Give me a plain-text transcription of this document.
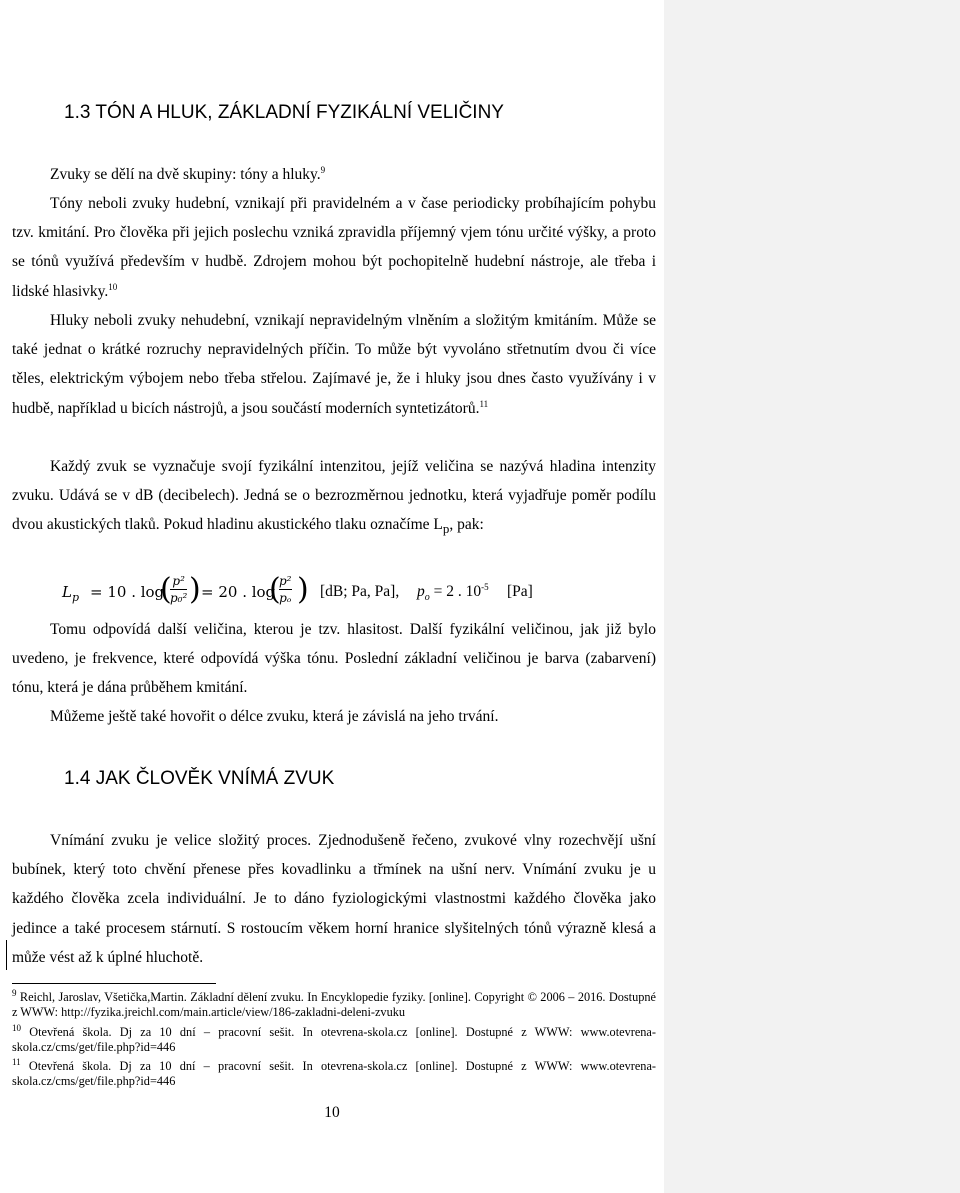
1.3 TÓN A HLUK, ZÁKLADNÍ FYZIKÁLNÍ VELIČINY

Zvuky se dělí na dvě skupiny: tóny a hluky.$^9$

Tóny neboli zvuky hudební, vznikají při pravidelném a v čase periodicky probíhajícím pohybu tzv. kmitání. Pro člověka při jejich poslechu vzniká zpravidla příjemný vjem tónu určité výšky, a proto se tónů využívá především v hudbě. Zdrojem mohou být pochopitelně hudební nástroje, ale třeba i lidské hlasivky.$^{10}$

Hluky neboli zvuky nehudební, vznikají nepravidelným vlněním a složitým kmitáním. Může se také jednat o krátké rozruchy nepravidelných příčin. To může být vyvoláno střetnutím dvou či více těles, elektrickým výbojem nebo třeba střelou. Zajímavé je, že i hluky jsou dnes často využívány i v hudbě, například u bicích nástrojů, a jsou součástí moderních syntetizátorů.$^{11}$

Každý zvuk se vyznačuje svojí fyzikální intenzitou, jejíž veličina se nazývá hladina intenzity zvuku. Udává se v dB (decibelech). Jedná se o bezrozměrnou jednotku, která vyjadřuje poměr podílu dvou akustických tlaků. Pokud hladinu akustického tlaku označíme $L_p$, pak:

$L_p = 10$ . log
(
$\frac{\text{p²}}{\text{p₀²}}$ ) = 20 . log
(
$\frac{\text{p²}}{\text{pₒ}}$ ) [dB; Pa, Pa], $p_o = 2$ . $10^{-5}$ [Pa]

Tomu odpovídá další veličina, kterou je tzv. hlasitost. Další fyzikální veličinou, jak již bylo uvedeno, je frekvence, které odpovídá výška tónu. Poslední základní veličinou je barva (zabarvení) tónu, která je dána průběhem kmitání.

Můžeme ještě také hovořit o délce zvuku, která je závislá na jeho trvání.

1.4 JAK ČLOVĚK VNÍMÁ ZVUK

Vnímání zvuku je velice složitý proces. Zjednodušeně řečeno, zvukové vlny rozechvějí ušní bubínek, který toto chvění přenese přes kovadlinku a třmínek na ušní nerv. Vnímání zvuku je u každého člověka zcela individuální. Je to dáno fyziologickými vlastnostmi každého člověka jako jedince a také procesem stárnutí. S rostoucím věkem horní hranice slyšitelných tónů výrazně klesá a může vést až k úplné hluchotě.

$^9$ Reichl, Jaroslav, Všetička,Martin. Základní dělení zvuku. In Encyklopedie fyziky. [online]. Copyright © 2006 – 2016. Dostupné z WWW: http://fyzika.jreichl.com/main.article/view/186-zakladni-deleni-zvuku

$^{10}$ Otevřená škola. Dj za 10 dní – pracovní sešit. In otevrena-skola.cz [online]. Dostupné z WWW: www.otevrena-skola.cz/cms/get/file.php?id=446

$^{11}$ Otevřená škola. Dj za 10 dní – pracovní sešit. In otevrena-skola.cz [online]. Dostupné z WWW: www.otevrena-skola.cz/cms/get/file.php?id=446

10
